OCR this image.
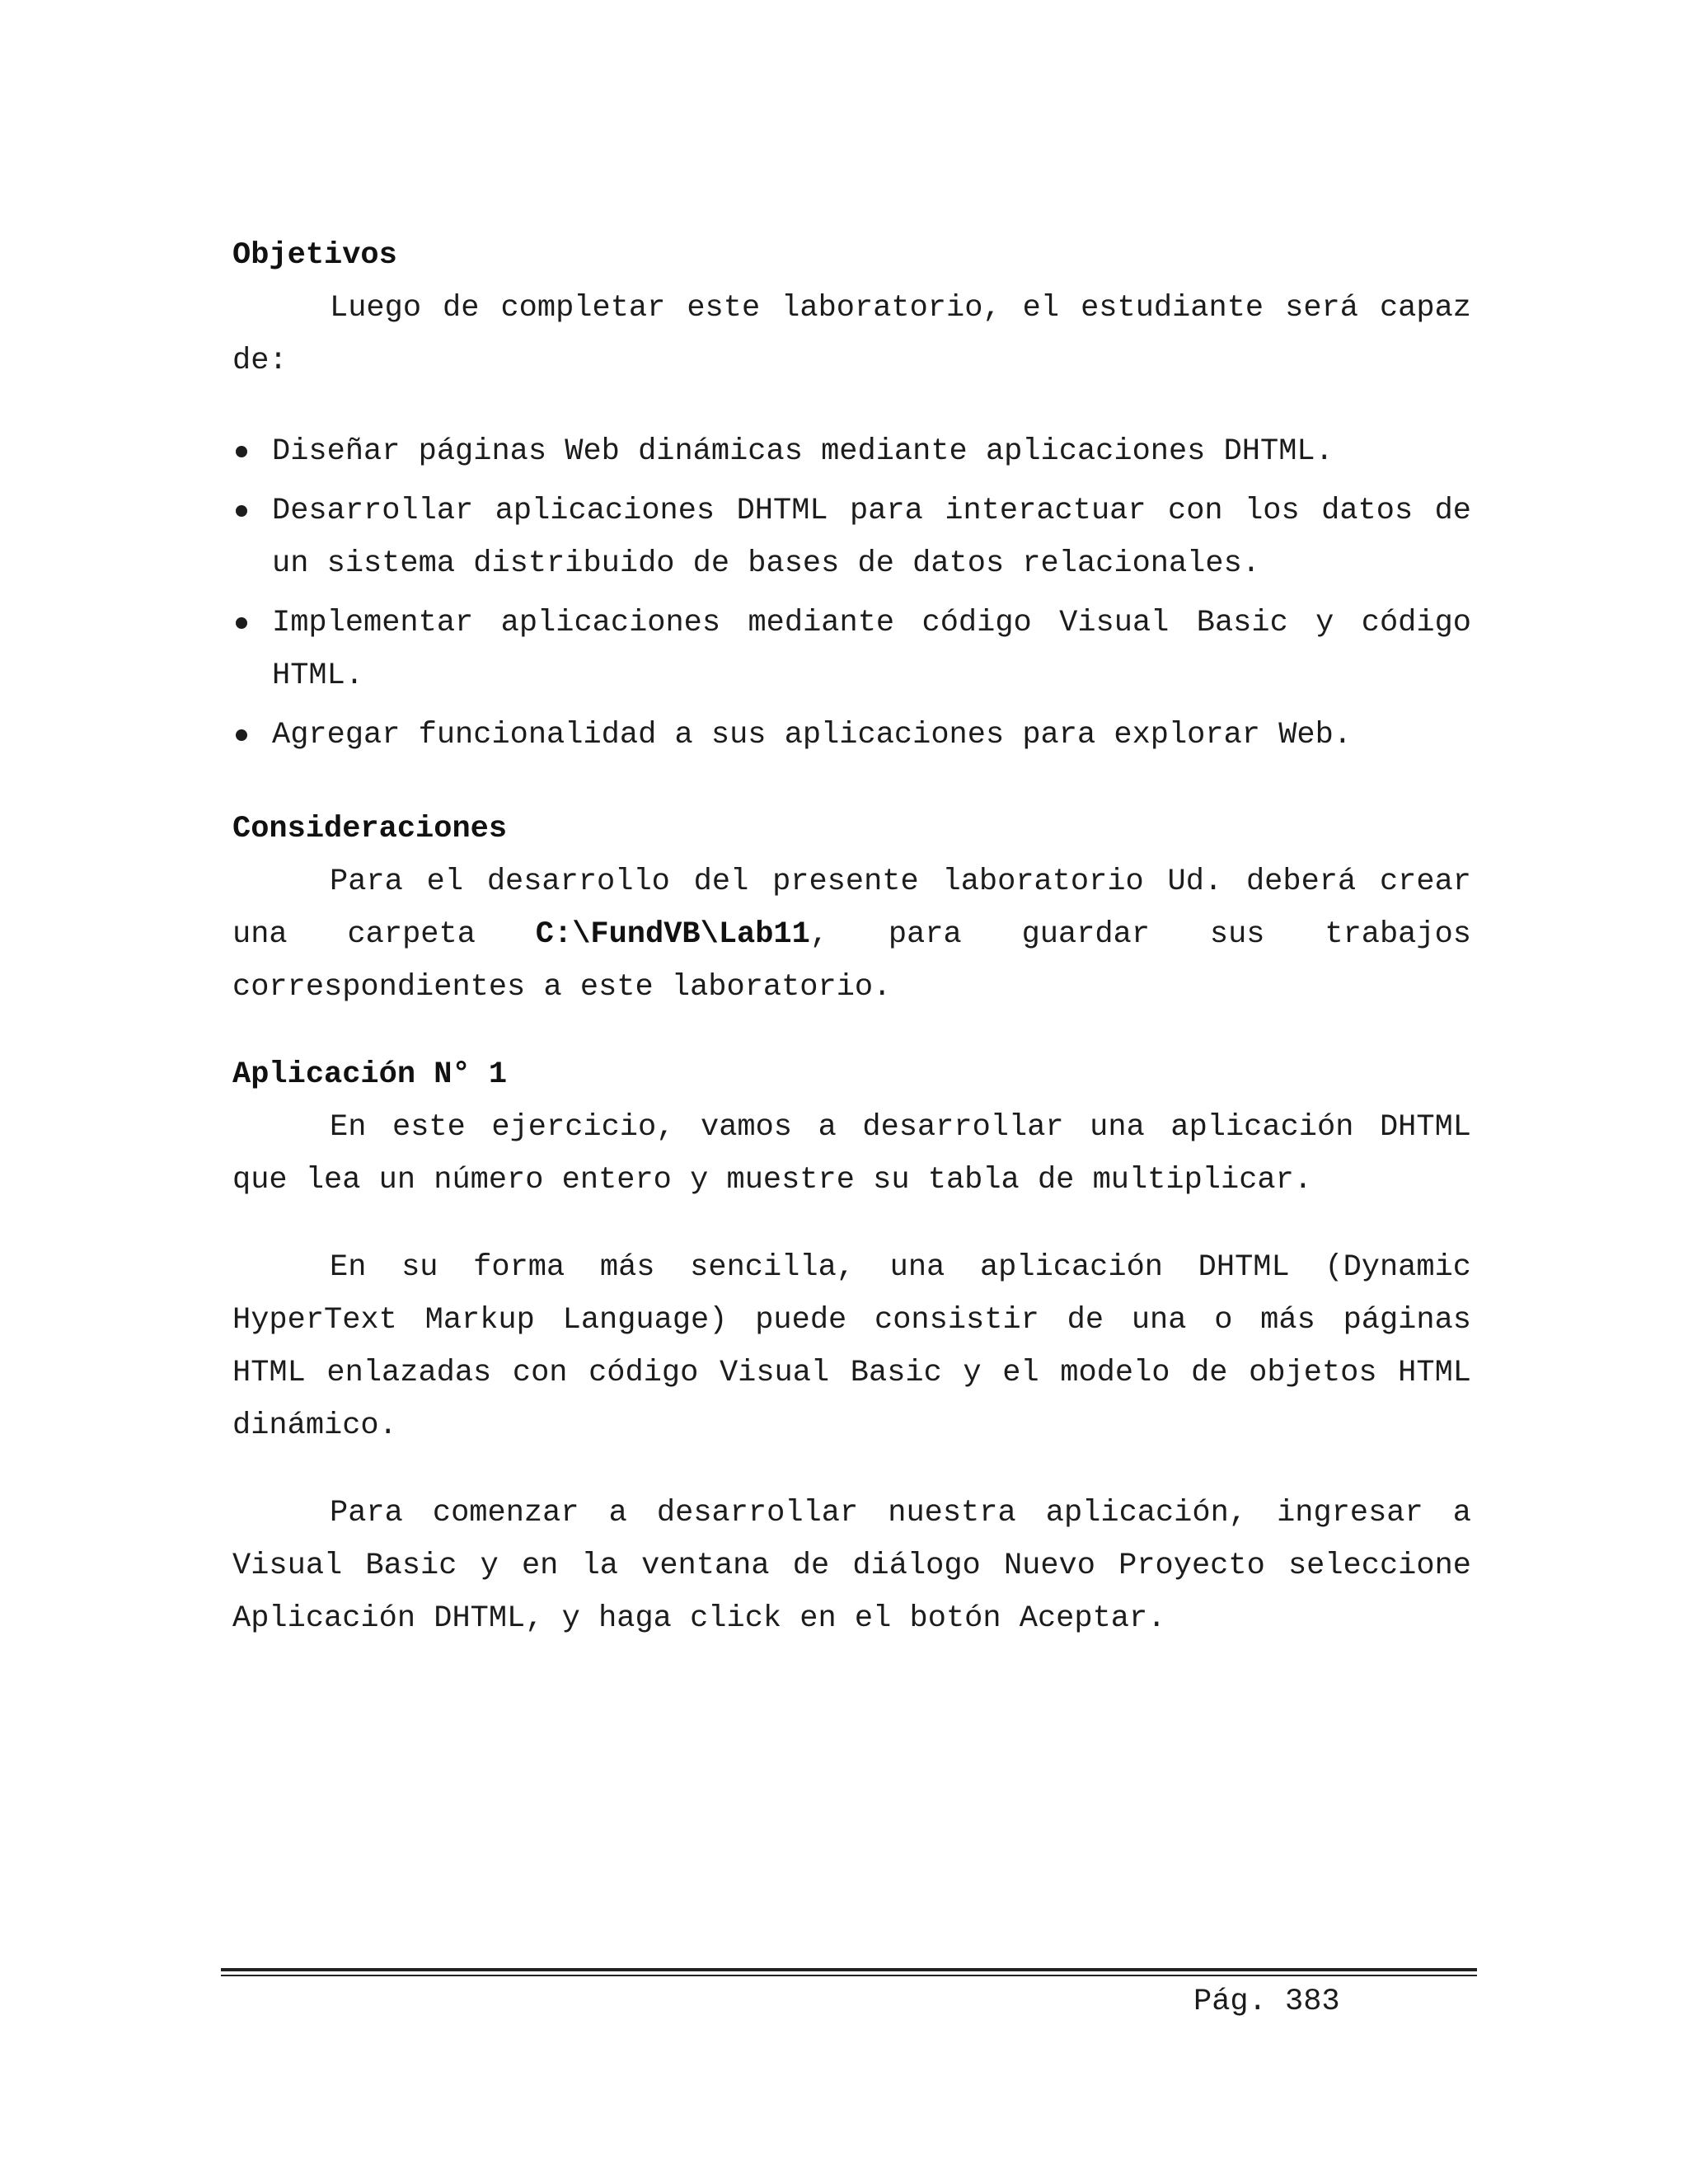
Objetivos

Luego de completar este laboratorio, el estudiante será capaz de:

Diseñar páginas Web dinámicas mediante aplicaciones DHTML.
Desarrollar aplicaciones DHTML para interactuar con los datos de un sistema distribuido de bases de datos relacionales.
Implementar aplicaciones mediante código Visual Basic y código HTML.
Agregar funcionalidad a sus aplicaciones para explorar Web.
Consideraciones

Para el desarrollo del presente laboratorio Ud. deberá crear una carpeta C:\FundVB\Lab11, para guardar sus trabajos correspondientes a este laboratorio.

Aplicación N° 1

En este ejercicio, vamos a desarrollar una aplicación DHTML que lea un número entero y muestre su tabla de multiplicar.

En su forma más sencilla, una aplicación DHTML (Dynamic HyperText Markup Language) puede consistir de una o más páginas HTML enlazadas con código Visual Basic y el modelo de objetos HTML dinámico.

Para comenzar a desarrollar nuestra aplicación, ingresar a Visual Basic y en la ventana de diálogo Nuevo Proyecto seleccione Aplicación DHTML, y haga click en el botón Aceptar.

Pág. 383
